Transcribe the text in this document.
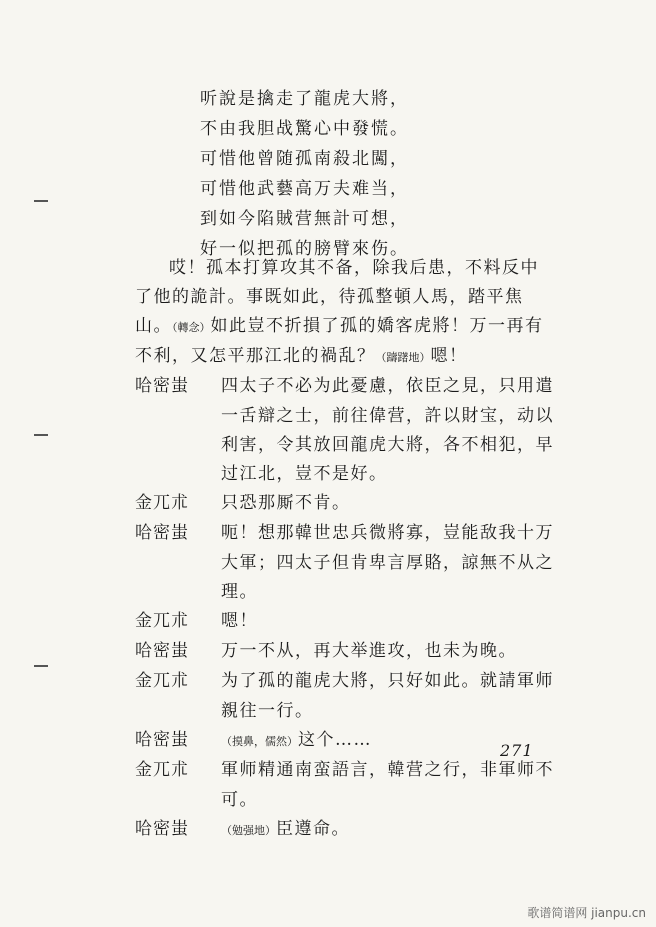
听說是擒走了龍虎大將，
不由我胆战驚心中發慌。
可惜他曾随孤南殺北闖，
可惜他武藝高万夫难当，
到如今陷賊营無計可想，
好一似把孤的膀臂來伤。

哎！孤本打算攻其不备，除我后患，不料反中了他的詭計。事既如此，待孤整頓人馬，踏平焦山。（轉念）如此豈不折損了孤的嬌客虎將！万一再有不利，又怎平那江北的禍乱？（躊躇地）嗯！

哈密蚩	四太子不必为此憂慮，依臣之見，只用遣一舌辯之士，前往偉营，許以財宝，动以利害，令其放回龍虎大將，各不相犯，早过江北，豈不是好。
金兀朮	只恐那厮不肯。
哈密蚩	呃！想那韓世忠兵微將寡，豈能敌我十万大軍；四太子但肯卑言厚賂，諒無不从之理。
金兀朮	嗯！
哈密蚩	万一不从，再大举進攻，也未为晚。
金兀朮	为了孤的龍虎大將，只好如此。就請軍师親往一行。
哈密蚩	（摸鼻，儒然）这个……
金兀朮	軍师精通南蛮語言，韓营之行，非軍师不可。
哈密蚩	（勉强地）臣遵命。
271
歌谱简谱网 jianpu.cn
